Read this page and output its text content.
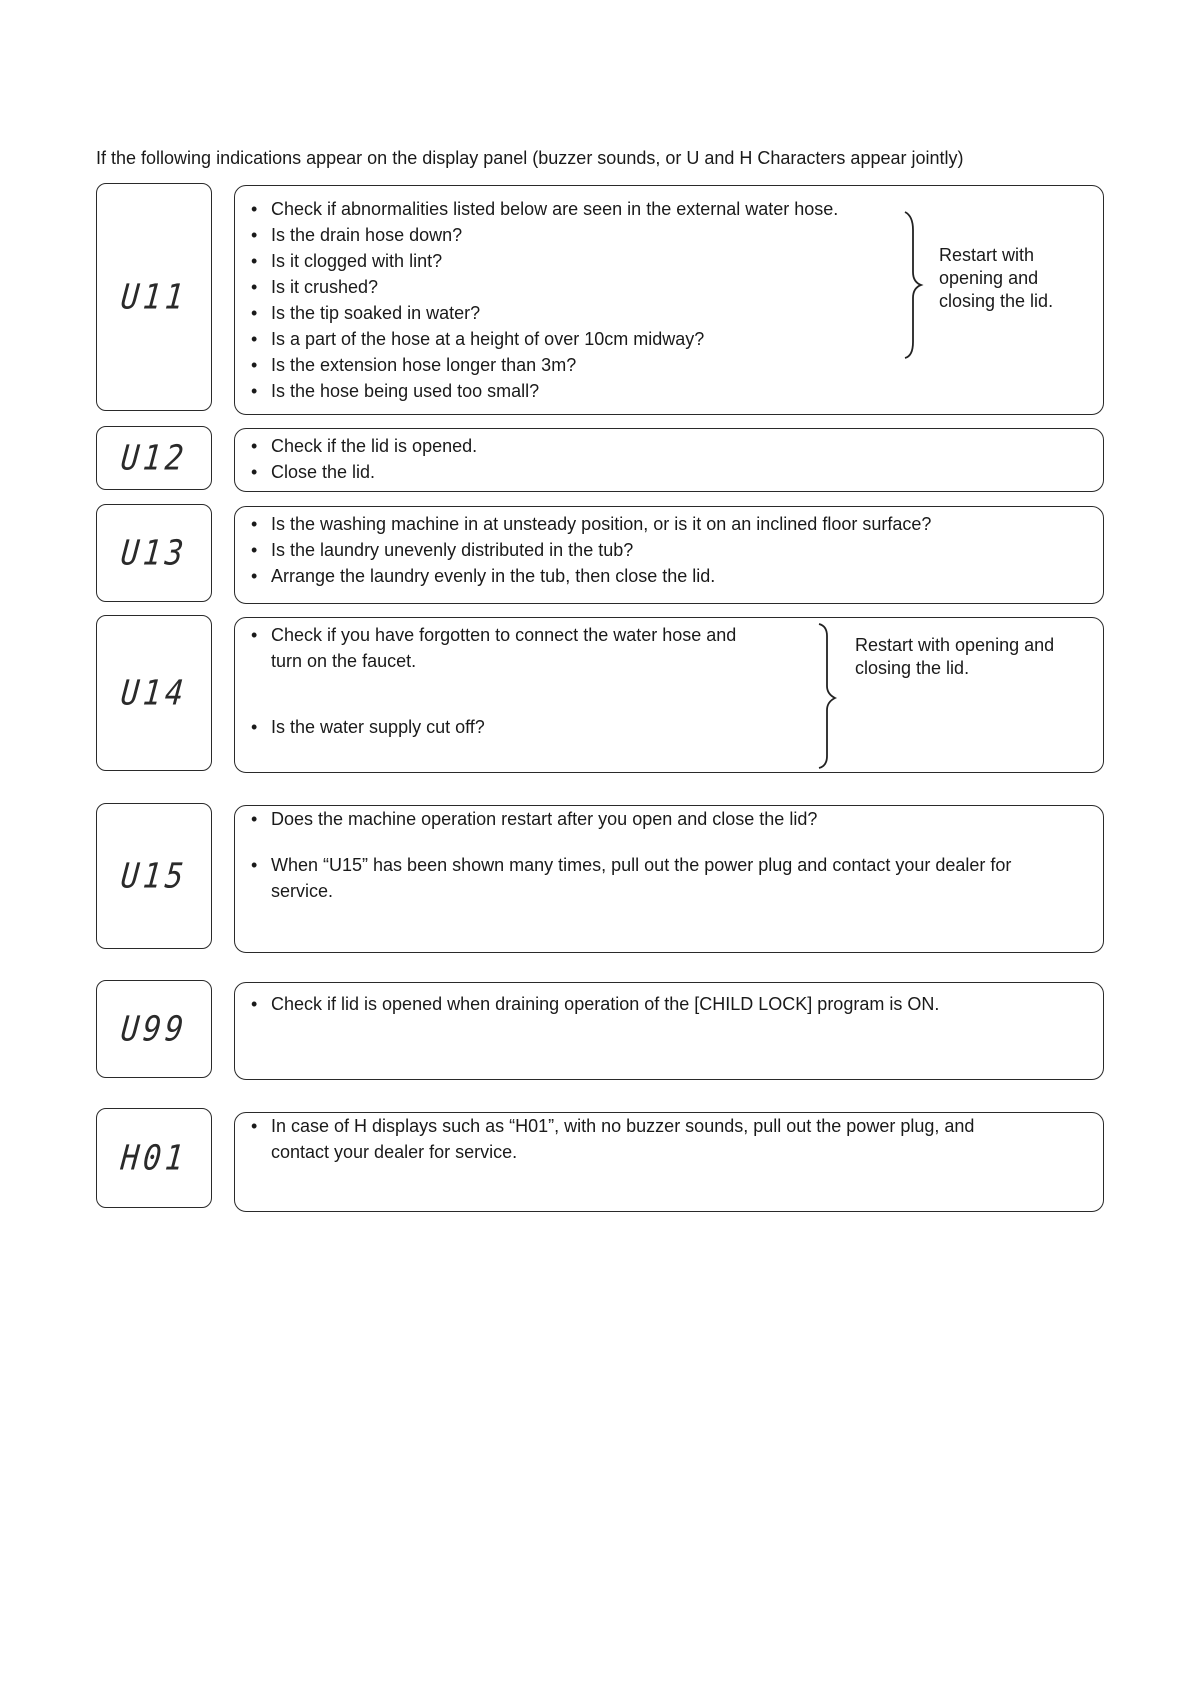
If the following indications appear on the display panel (buzzer sounds, or U and H Characters appear jointly)
U11
• Check if abnormalities listed below are seen in the external water hose.
• Is the drain hose down?
• Is it clogged with lint?
• Is it crushed?
• Is the tip soaked in water?
• Is a part of the hose at a height of over 10cm midway?
• Is the extension hose longer than 3m?
• Is the hose being used too small?
Restart with
opening and
closing the lid.
U12
•	Check if the lid is opened.
• Close the lid.
U13
• Is the washing machine in at unsteady position, or is it on an inclined floor surface?
• Is the laundry unevenly distributed in the tub?
• Arrange the laundry evenly in the tub, then close the lid.
U14
• Check if you have forgotten to connect the water hose and
turn on the faucet.
• Is the water supply cut off?
Restart with opening and
closing the lid.
U15
• Does the machine operation restart after you open and close the lid?
• When “U15” has been shown many times, pull out the power plug and contact your dealer for
service.
U99
• Check if lid is opened when draining operation of the [CHILD LOCK] program is ON.
H01
• In case of H displays such as “H01”, with no buzzer sounds, pull out the power plug, and
contact your dealer for service.
